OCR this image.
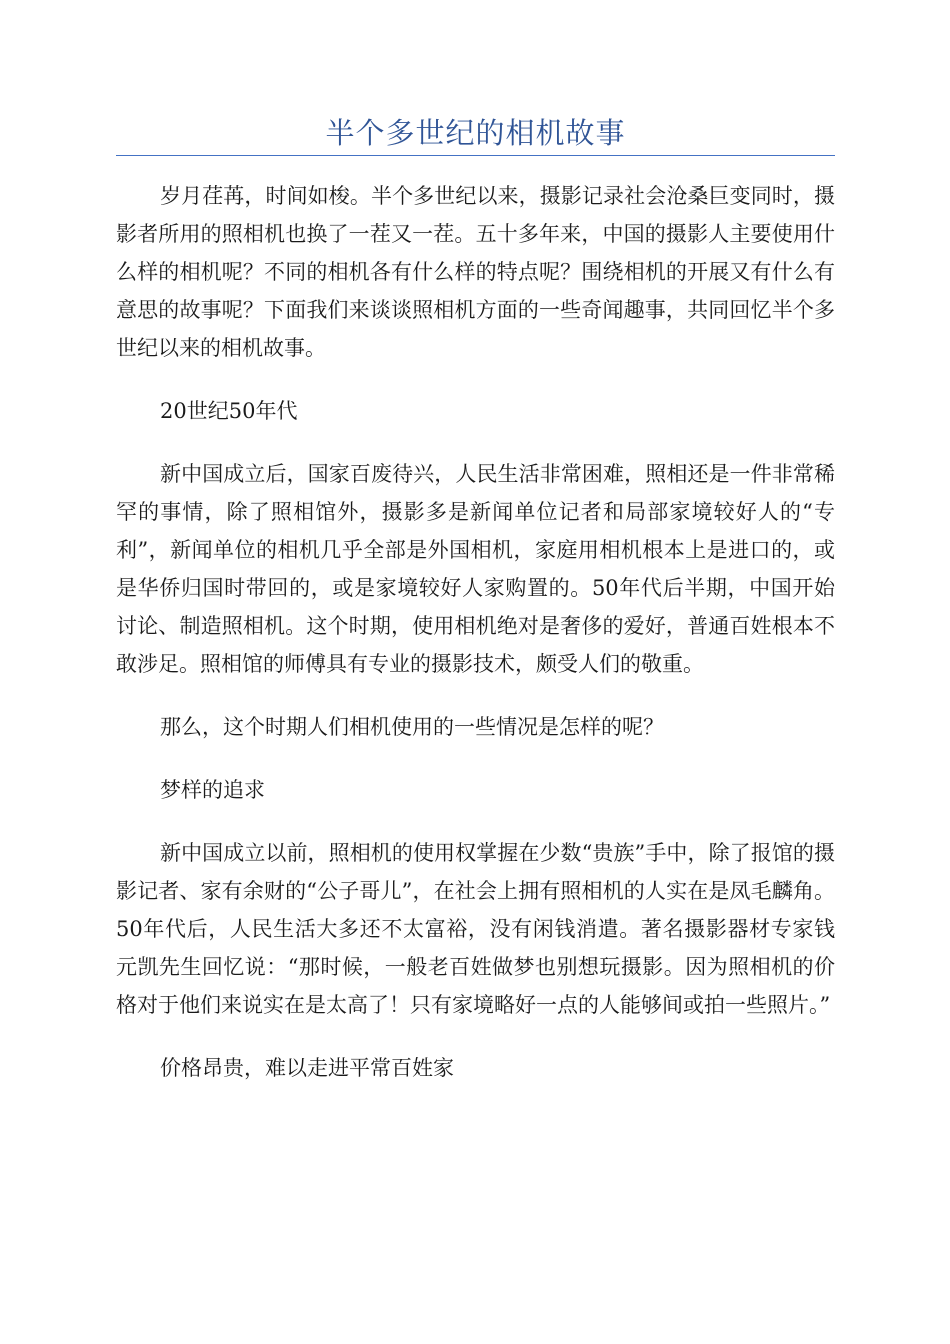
半个多世纪的相机故事

岁月荏苒，时间如梭。半个多世纪以来，摄影记录社会沧桑巨变同时，摄影者所用的照相机也换了一茬又一茬。五十多年来，中国的摄影人主要使用什么样的相机呢？不同的相机各有什么样的特点呢？围绕相机的开展又有什么有意思的故事呢？下面我们来谈谈照相机方面的一些奇闻趣事，共同回忆半个多世纪以来的相机故事。

20世纪50年代

新中国成立后，国家百废待兴，人民生活非常困难，照相还是一件非常稀罕的事情，除了照相馆外，摄影多是新闻单位记者和局部家境较好人的“专利”，新闻单位的相机几乎全部是外国相机，家庭用相机根本上是进口的，或是华侨归国时带回的，或是家境较好人家购置的。50年代后半期，中国开始讨论、制造照相机。这个时期，使用相机绝对是奢侈的爱好，普通百姓根本不敢涉足。照相馆的师傅具有专业的摄影技术，颇受人们的敬重。

那么，这个时期人们相机使用的一些情况是怎样的呢？

梦样的追求

新中国成立以前，照相机的使用权掌握在少数“贵族”手中，除了报馆的摄影记者、家有余财的“公子哥儿”，在社会上拥有照相机的人实在是凤毛麟角。50年代后，人民生活大多还不太富裕，没有闲钱消遣。著名摄影器材专家钱元凯先生回忆说：“那时候，一般老百姓做梦也别想玩摄影。因为照相机的价格对于他们来说实在是太高了！只有家境略好一点的人能够间或拍一些照片。”

价格昂贵，难以走进平常百姓家
